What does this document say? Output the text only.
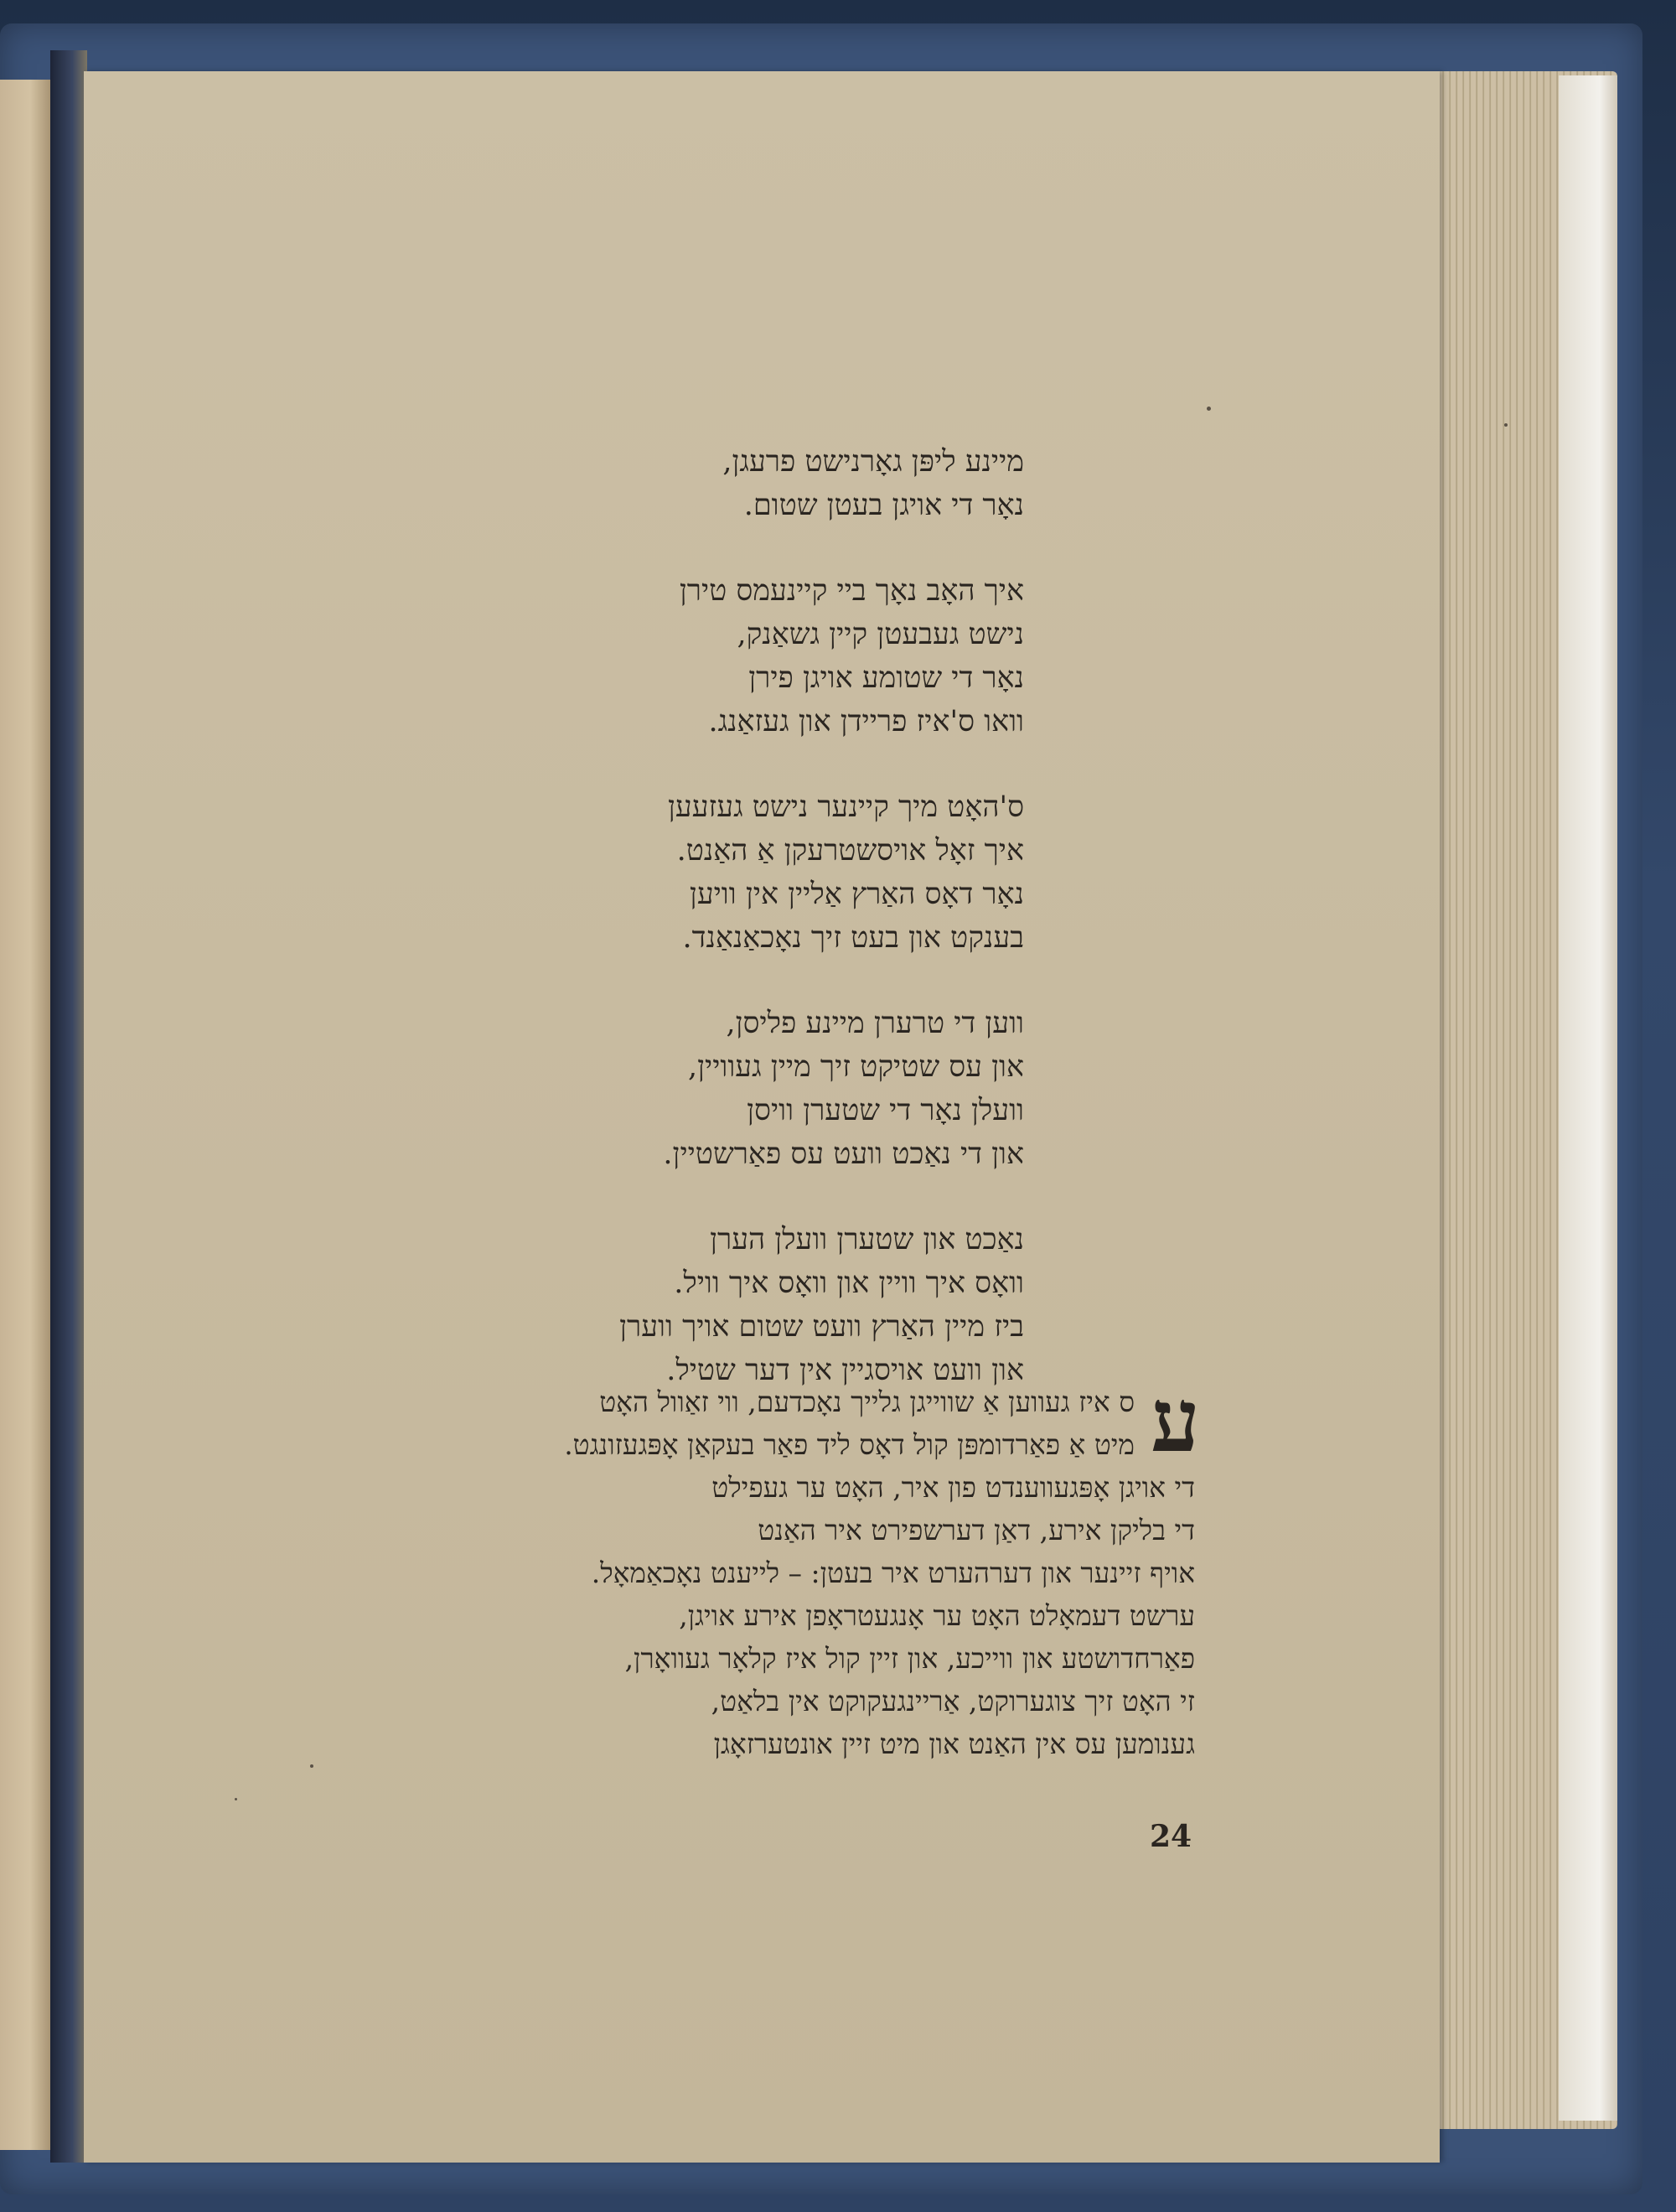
מיינע ליפּן גאָרנישט פרעגן,
נאָר די אויגן בעטן שטום.
איך האָב נאָך ביי קיינעמס טירן
נישט געבעטן קיין גשאַנק,
נאָר די שטומע אויגן פירן
וואו ס'איז פריידן און געזאַנג.
ס'האָט מיך קיינער נישט געזעען
איך זאָל אויסשטרעקן אַ האַנט.
נאָר דאָס האַרץ אַליין אין וויען
בענקט און בעט זיך נאָכאַנאַנד.
ווען די טרערן מיינע פליסן,
און עס שטיקט זיך מיין געוויין,
וועלן נאָר די שטערן וויסן
און די נאַכט וועט עס פאַרשטיין.
נאַכט און שטערן וועלן הערן
וואָס איך וויין און וואָס איך וויל.
ביז מיין האַרץ וועט שטום אויך ווערן
און וועט אויסגיין אין דער שטיל. ע
ס איז געווען אַ שווייגן גלייך נאָכדעם, ווי זאַוול האָט
מיט אַ פאַרדומפּן קול דאָס ליד פאַר בעקאַן אָפּגעזונגט.
די אויגן אָפּגעווענדט פון איר, האָט ער געפילט
די בליקן אירע, דאַן דערשפירט איר האַנט
אויף זיינער און דערהערט איר בעטן: – לייענט נאָכאַמאָל.
ערשט דעמאָלט האָט ער אָנגעטראָפן אירע אויגן,
פאַרחדושטע און ווייכע, און זיין קול איז קלאָר געוואָרן,
זי האָט זיך צוגערוקט, אַריינגעקוקט אין בלאַט,
גענומען עס אין האַנט און מיט זיין אונטערזאָגן
24
